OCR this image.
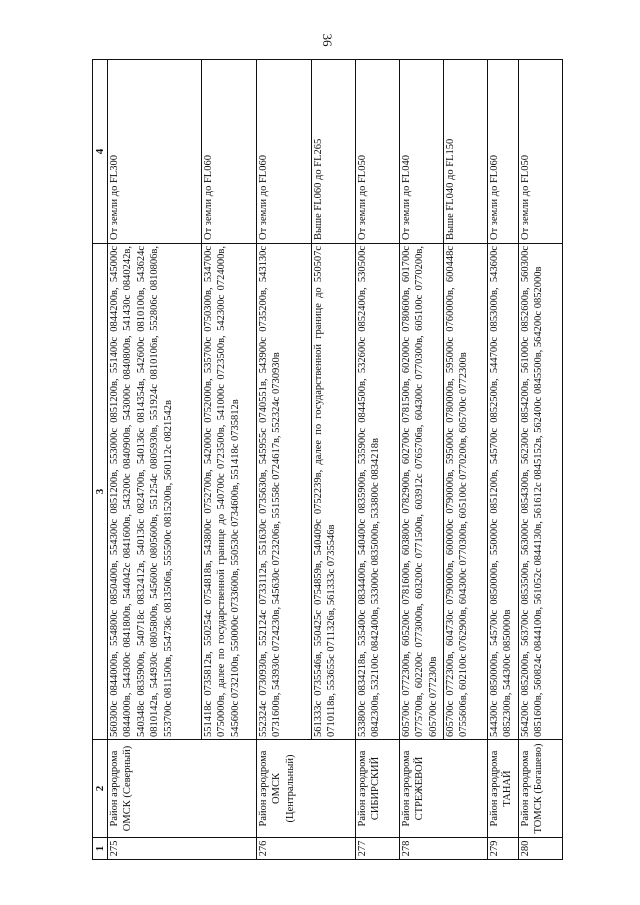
36
1	2	3	4
275	Район аэродрома ОМСК (Северный)	560300с 0844000в, 554800с 0850400в, 554300с 0851200в, 553000с 0851200в, 551400с 0844200в, 545000с 0844000в, 544300с 0841800в, 544042с 0841600в, 543200с 0840900в, 543000с 0840800в, 541430с 0840242в, 540348с 0835900в, 540718с 0832412в, 540136с 0824700в, 540136с 0814354в, 542600с 0810100в, 543624с 0810142в, 544930с 0805800в, 545600с 0805600в, 551254с 0805930в, 551924с 0810106в, 552806с 0810806в, 553700с 0811500в, 554736с 0813506в, 555500с 0815200в, 560112с 0821542в	От земли до FL300
		551418с 0735812в, 550254с 0754818в, 543800с 0752700в, 542000с 0752000в, 535700с 0750300в, 534700с 0750000в, далее по государственной границе до 540700с 0723500в, 541000с 0723500в, 542300с 0724000в, 545600с 0732100в, 550000с 0733600в, 550530с 0734600в, 551418с 0735812в	От земли до FL060
276	Район аэродрома ОМСК (Центральный)	552324с 0730930в, 552124с 0733112в, 551630с 0735630в, 545955с 0740551в, 543900с 0735200в, 543130с 0731600в, 543930с 0724230в, 545630с 0723206в, 551558с 0724617в, 552324с 0730930в	От земли до FL060
		561333с 0735546в, 550425с 0754859в, 540409с 0752239в, далее по государственной границе до 550507с 0710118в, 553655с 0711326в, 561333с 0735546в	Выше FL060 до FL265
277	Район аэродрома СИБИРСКИЙ	533800с 0834218в, 535400с 0834400в, 540400с 0835900в, 535900с 0844500в, 532600с 0852400в, 530500с 0842300в, 532100с 0842400в, 533000с 0835000в, 533800с 0834218в	От земли до FL050
278	Район аэродрома СТРЕЖЕВОЙ	605700с 0772300в, 605200с 0781600в, 603800с 0782900в, 602700с 0781500в, 602000с 0780600в, 601700с 0775700в, 602200с 0773000в, 603200с 0771500в, 603912с 0765706в, 604300с 0770300в, 605100с 0770200в, 605700с 0772300в	От земли до FL040
		605700с 0772300в, 604730с 0790000в, 600000с 0790000в, 595000с 0780000в, 595000с 0760000в, 600448с 0755606в, 602100с 0762900в, 604300с 0770300в, 605100с 0770200в, 605700с 0772300в	Выше FL040 до FL150
279	Район аэродрома ТАНАЙ	544300с 0850000в, 545700с 0850000в, 550000с 0851200в, 545700с 0852500в, 544700с 0853000в, 543600с 0852300в, 544300с 0850000в	От земли до FL060
280	Район аэродрома ТОМСК (Богашево)	564200с 0852000в, 563700с 0853500в, 563000с 0854300в, 562300с 0854200в, 561000с 0852600в, 560300с 0851600в, 560824с 0844100в, 561052с 0844130в, 561612с 0845152в, 562400с 0845500в, 564200с 0852000в	От земли до FL050
